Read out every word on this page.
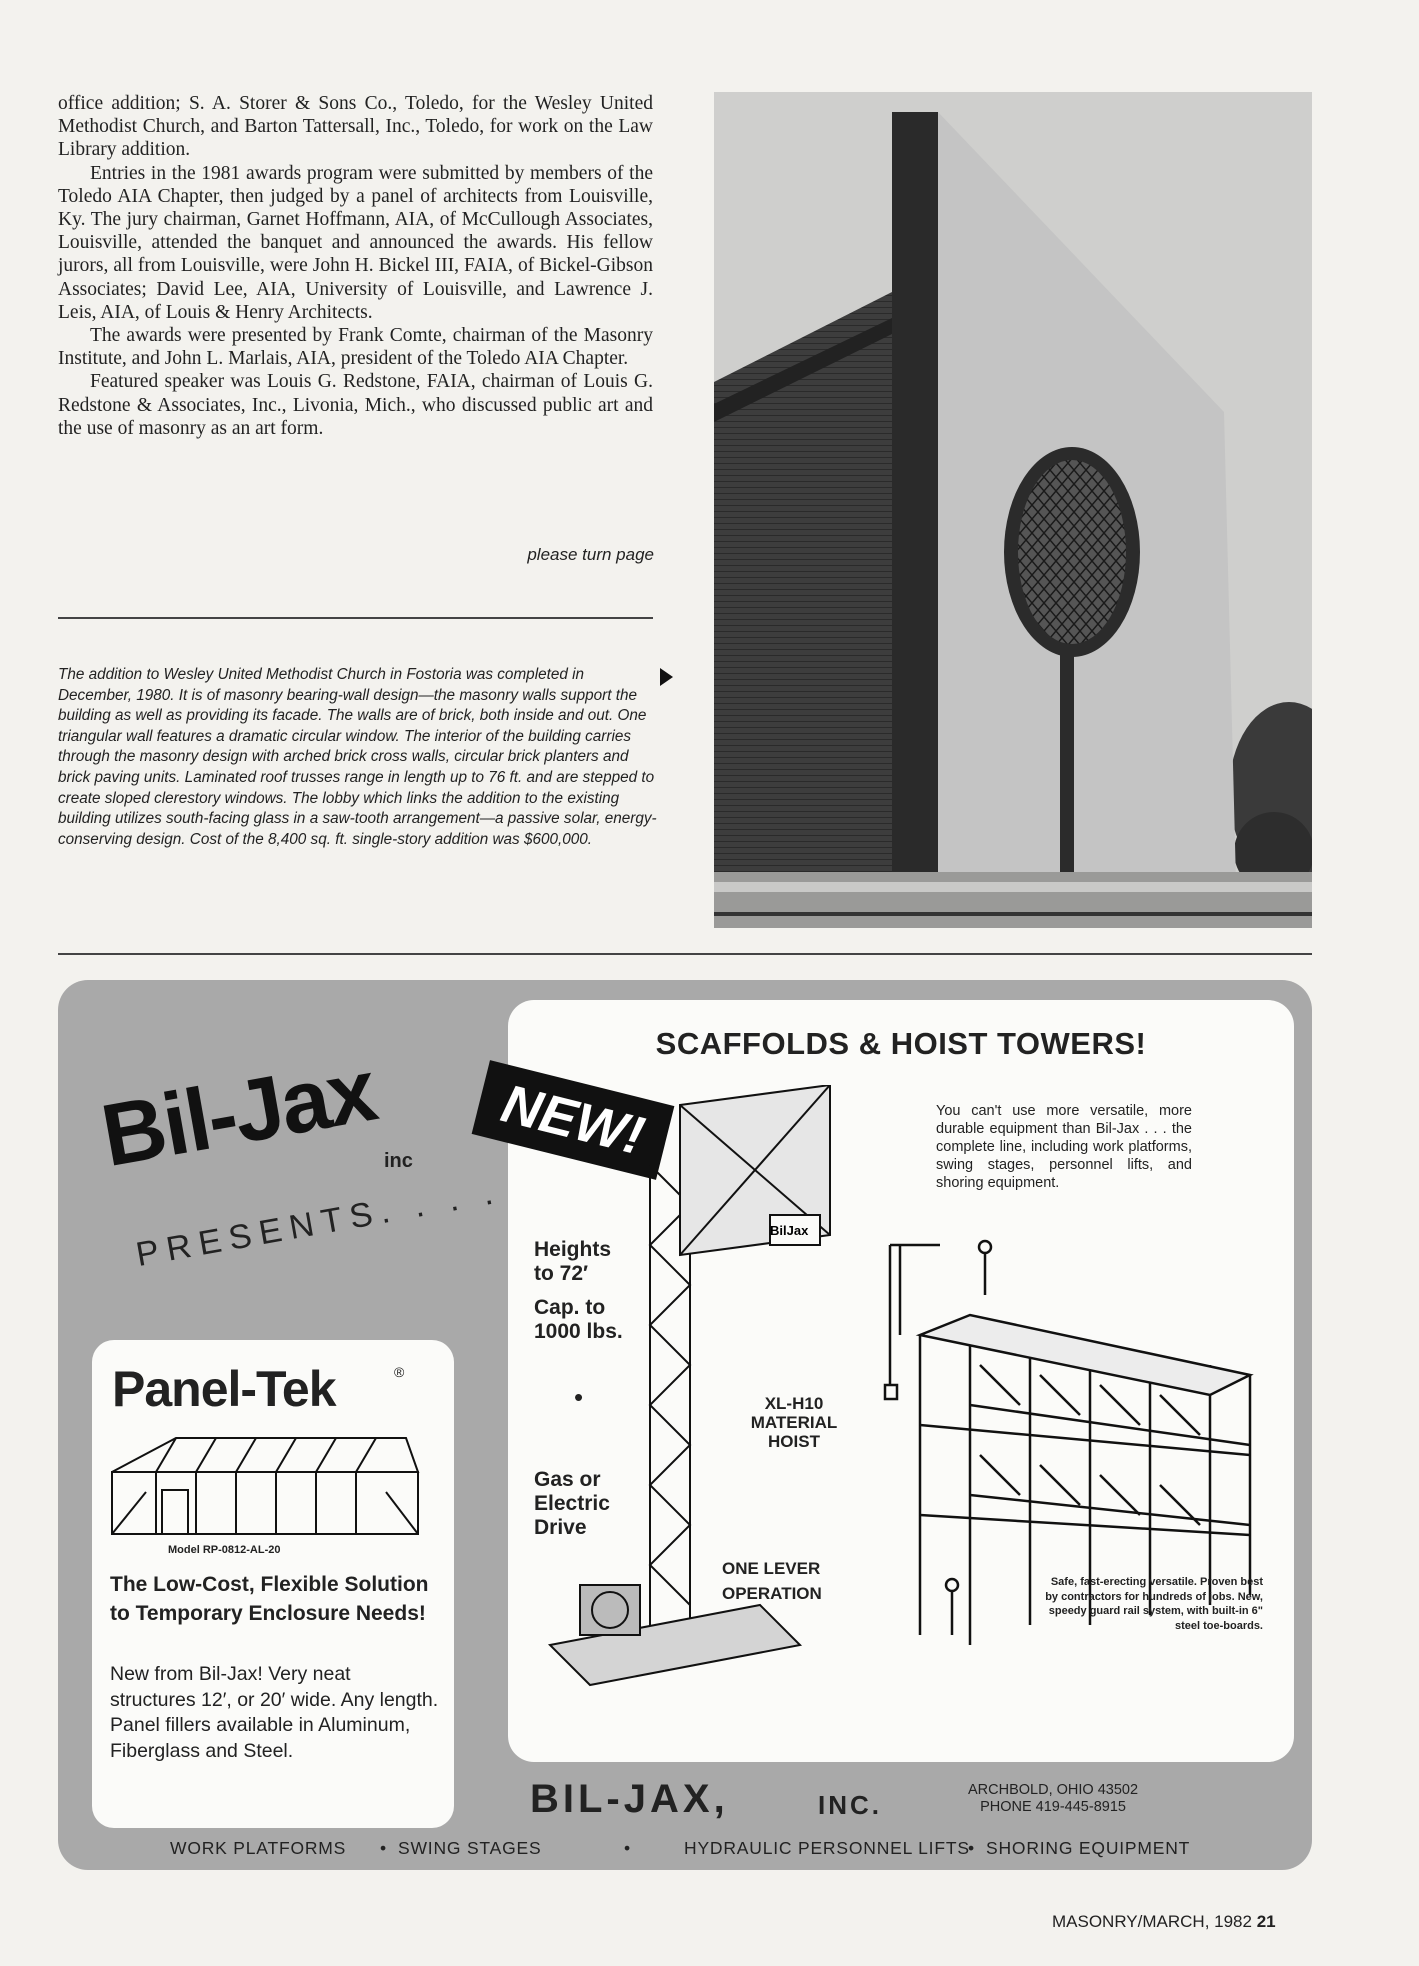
office addition; S. A. Storer & Sons Co., Toledo, for the Wesley United Methodist Church, and Barton Tattersall, Inc., Toledo, for work on the Law Library addition.

Entries in the 1981 awards program were submitted by members of the Toledo AIA Chapter, then judged by a panel of architects from Louisville, Ky. The jury chairman, Garnet Hoffmann, AIA, of McCullough Associates, Louisville, attended the banquet and announced the awards. His fellow jurors, all from Louisville, were John H. Bickel III, FAIA, of Bickel-Gibson Associates; David Lee, AIA, University of Louisville, and Lawrence J. Leis, AIA, of Louis & Henry Architects.

The awards were presented by Frank Comte, chairman of the Masonry Institute, and John L. Marlais, AIA, president of the Toledo AIA Chapter.

Featured speaker was Louis G. Redstone, FAIA, chairman of Louis G. Redstone & Associates, Inc., Livonia, Mich., who discussed public art and the use of masonry as an art form.

please turn page
The addition to Wesley United Methodist Church in Fostoria was completed in December, 1980. It is of masonry bearing-wall design—the masonry walls support the building as well as providing its facade. The walls are of brick, both inside and out. One triangular wall features a dramatic circular window. The interior of the building carries through the masonry design with arched brick cross walls, circular brick planters and brick paving units. Laminated roof trusses range in length up to 76 ft. and are stepped to create sloped clerestory windows. The lobby which links the addition to the existing building utilizes south-facing glass in a saw-tooth arrangement—a passive solar, energy-conserving design. Cost of the 8,400 sq. ft. single-story addition was $600,000.
SCAFFOLDS & HOIST TOWERS!
Bil-Jax inc
PRESENTS. . . .
NEW!
Panel-Tek	®
Model RP-0812-AL-20
The Low-Cost, Flexible Solution to Temporary Enclosure Needs!
New from Bil-Jax! Very neat structures 12′, or 20′ wide. Any length. Panel fillers available in Aluminum, Fiberglass and Steel.
BilJax
Heights
to 72′
Cap. to
1000 lbs.
•
Gas or
Electric
Drive
XL-H10
MATERIAL
HOIST
ONE LEVER
OPERATION
You can't use more versatile, more durable equipment than Bil-Jax . . . the complete line, including work platforms, swing stages, personnel lifts, and shoring equipment.
Safe, fast-erecting versatile. Proven best by contractors for hundreds of jobs. New, speedy guard rail system, with built-in 6" steel toe-boards.
BIL-JAX,	INC.	ARCHBOLD, OHIO 43502
PHONE 419-445-8915
WORK PLATFORMS • SWING STAGES	•	HYDRAULIC PERSONNEL LIFTS
• SHORING EQUIPMENT
MASONRY/MARCH, 1982 21
